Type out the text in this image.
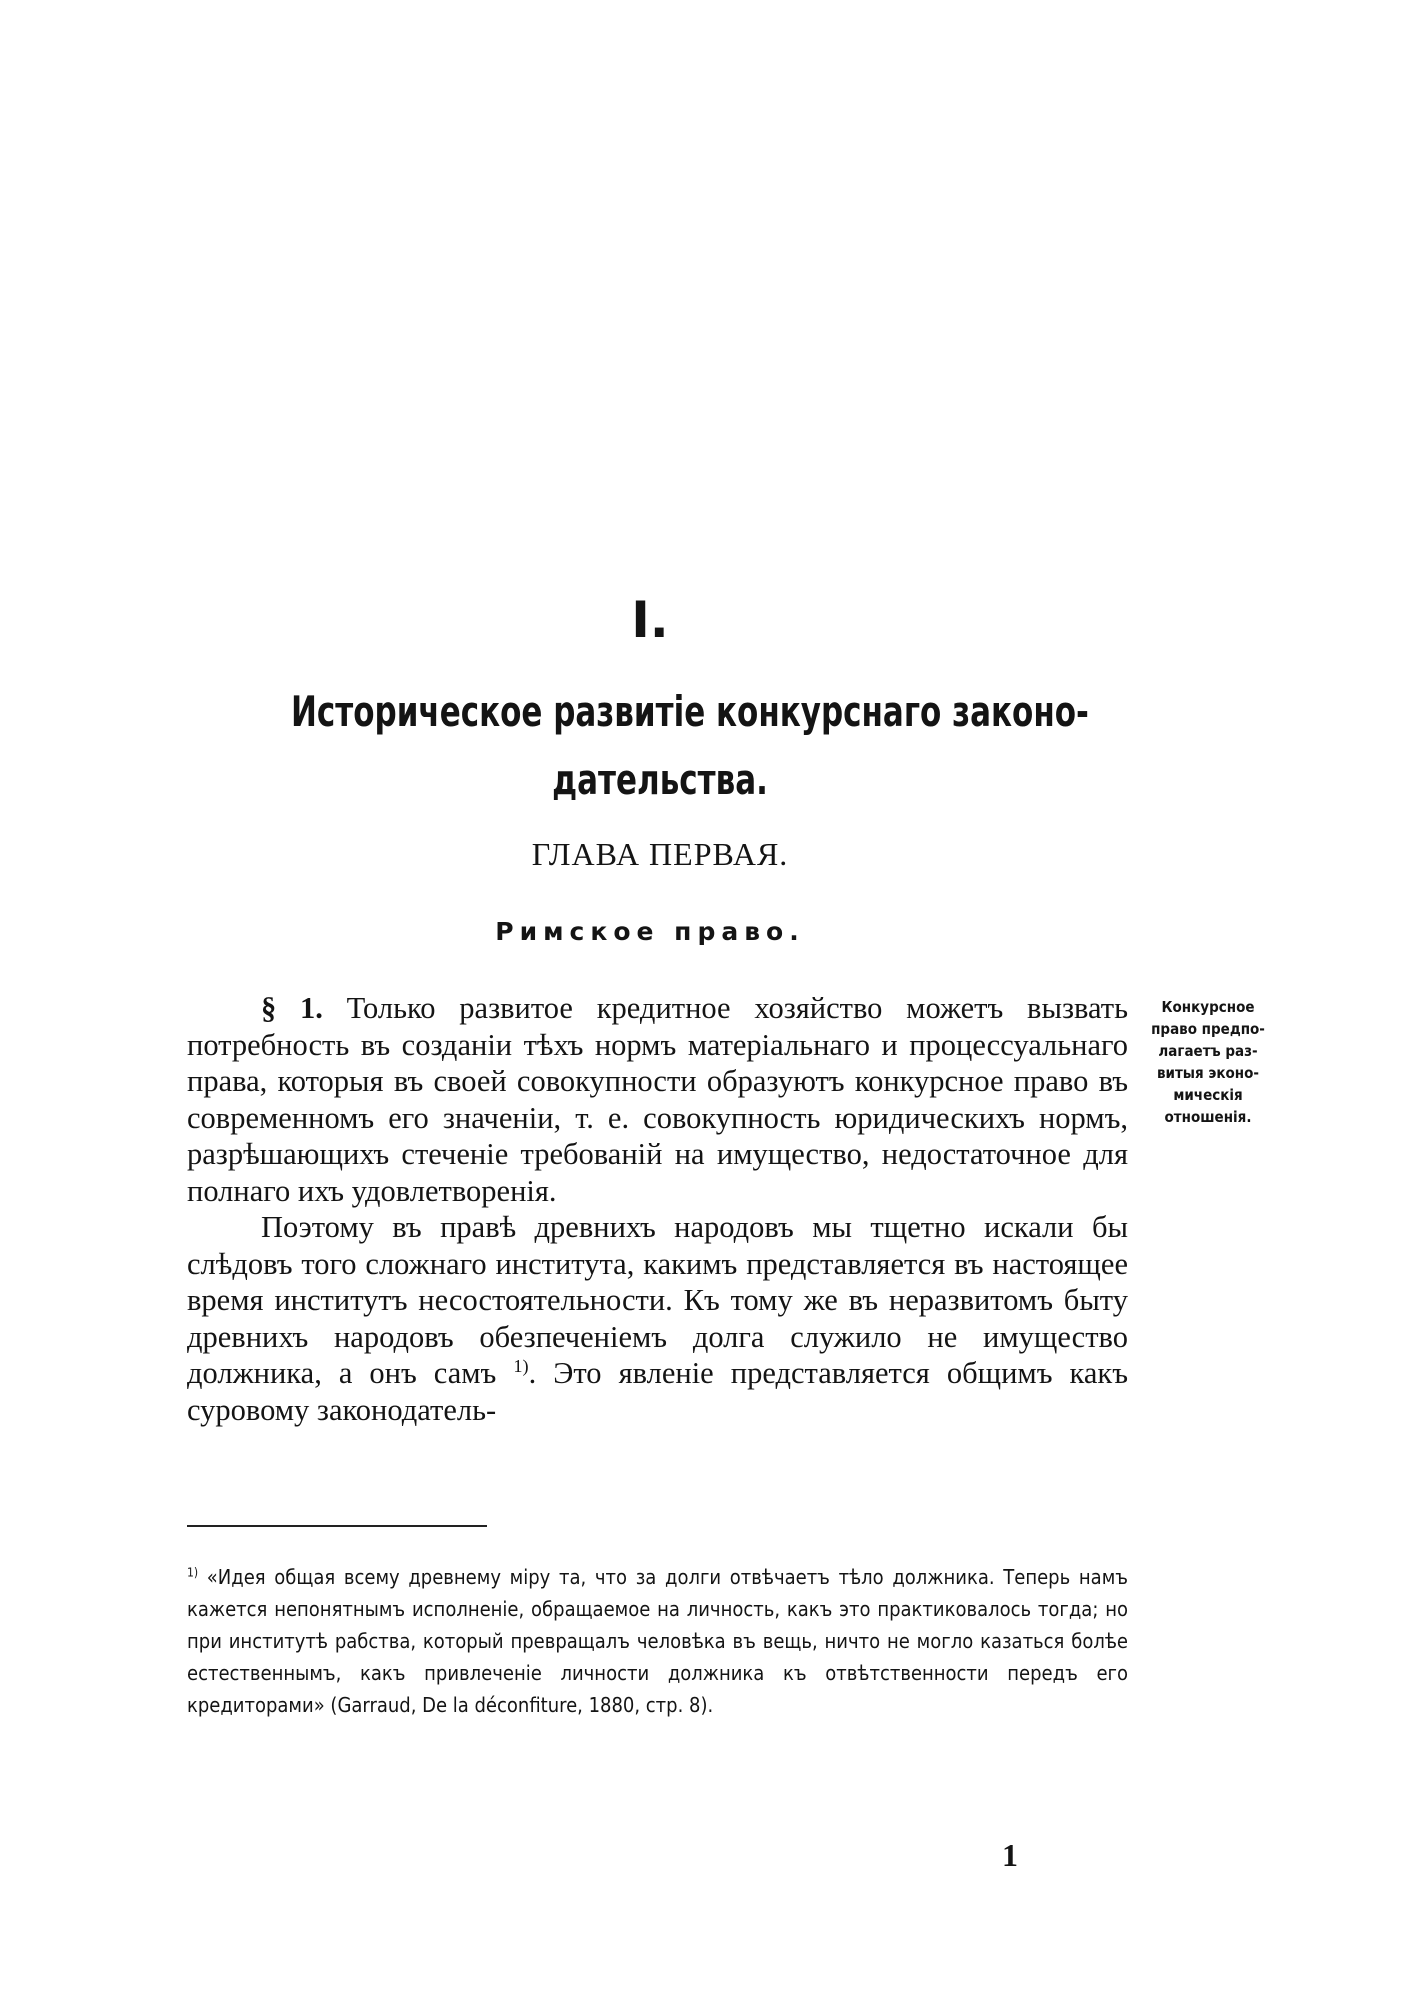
I.
Историческое развитіе конкурснаго законо-
дательства.
ГЛАВА ПЕРВАЯ.
Римское право.

§ 1. Только развитое кредитное хозяйство можетъ вызвать потребность въ созданіи тѣхъ нормъ матеріальнаго и процессуальнаго права, которыя въ своей совокупности образуютъ конкурсное право въ современномъ его значеніи, т. е. совокупность юридическихъ нормъ, разрѣшающихъ стеченіе требованій на имущество, недостаточное для полнаго ихъ удовлетворенія.

Поэтому въ правѣ древнихъ народовъ мы тщетно искали бы слѣдовъ того сложнаго института, какимъ представляется въ настоящее время институтъ несостоятельности. Къ тому же въ неразвитомъ быту древнихъ народовъ обезпеченіемъ долга служило не имущество должника, а онъ самъ $^{1)}$. Это явленіе представляется общимъ какъ суровому законодатель-

Конкурсное
право предпо-
лагаетъ раз-
витыя эконо-
мическія
отношенія.
$^{1)}$ «Идея общая всему древнему міру та, что за долги отвѣчаетъ тѣло должника. Теперь намъ кажется непонятнымъ исполненіе, обращаемое на личность, какъ это практиковалось тогда; но при институтѣ рабства, который превращалъ человѣка въ вещь, ничто не могло казаться болѣе естественнымъ, какъ привлеченіе личности должника къ отвѣтственности передъ его кредиторами» (Garraud, De la déconfiture, 1880, стр. 8).
1
